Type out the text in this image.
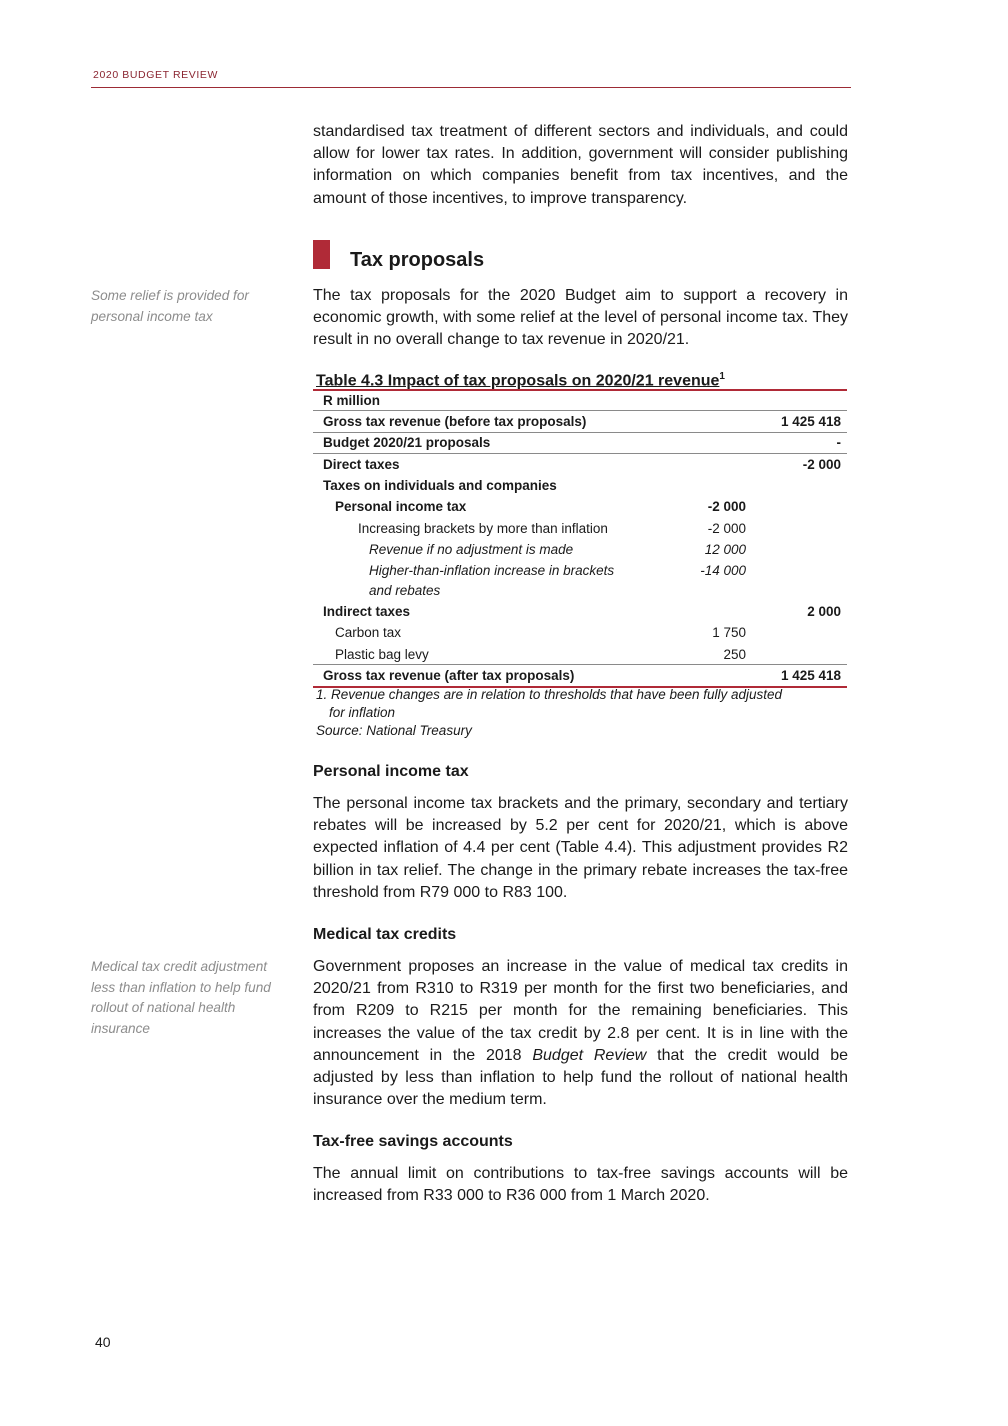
2020 BUDGET REVIEW

standardised tax treatment of different sectors and individuals, and could allow for lower tax rates. In addition, government will consider publishing information on which companies benefit from tax incentives, and the amount of those incentives, to improve transparency.

Tax proposals

Some relief is provided for personal income tax

The tax proposals for the 2020 Budget aim to support a recovery in economic growth, with some relief at the level of personal income tax. They result in no overall change to tax revenue in 2020/21.

Table 4.3 Impact of tax proposals on 2020/21 revenue$^1$
R million
Gross tax revenue (before tax proposals)	1 425 418
Budget 2020/21 proposals	-
Direct taxes	-2 000
Taxes on individuals and companies
Personal income tax	-2 000
Increasing brackets by more than inflation	-2 000
Revenue if no adjustment is made	12 000
Higher-than-inflation increase in brackets	-14 000
and rebates
Indirect taxes	2 000
Carbon tax	1 750
Plastic bag levy	250
Gross tax revenue (after tax proposals)	1 425 418
1. Revenue changes are in relation to thresholds that have been fully adjusted
for inflation
Source: National Treasury
Personal income tax

The personal income tax brackets and the primary, secondary and tertiary rebates will be increased by 5.2 per cent for 2020/21, which is above expected inflation of 4.4 per cent (Table 4.4). This adjustment provides R2 billion in tax relief. The change in the primary rebate increases the tax-free threshold from R79 000 to R83 100.

Medical tax credits

Medical tax credit adjustment less than inflation to help fund rollout of national health insurance

Government proposes an increase in the value of medical tax credits in 2020/21 from R310 to R319 per month for the first two beneficiaries, and from R209 to R215 per month for the remaining beneficiaries. This increases the value of the tax credit by 2.8 per cent. It is in line with the announcement in the 2018 Budget Review that the credit would be adjusted by less than inflation to help fund the rollout of national health insurance over the medium term.

Tax-free savings accounts

The annual limit on contributions to tax-free savings accounts will be increased from R33 000 to R36 000 from 1 March 2020.

40
